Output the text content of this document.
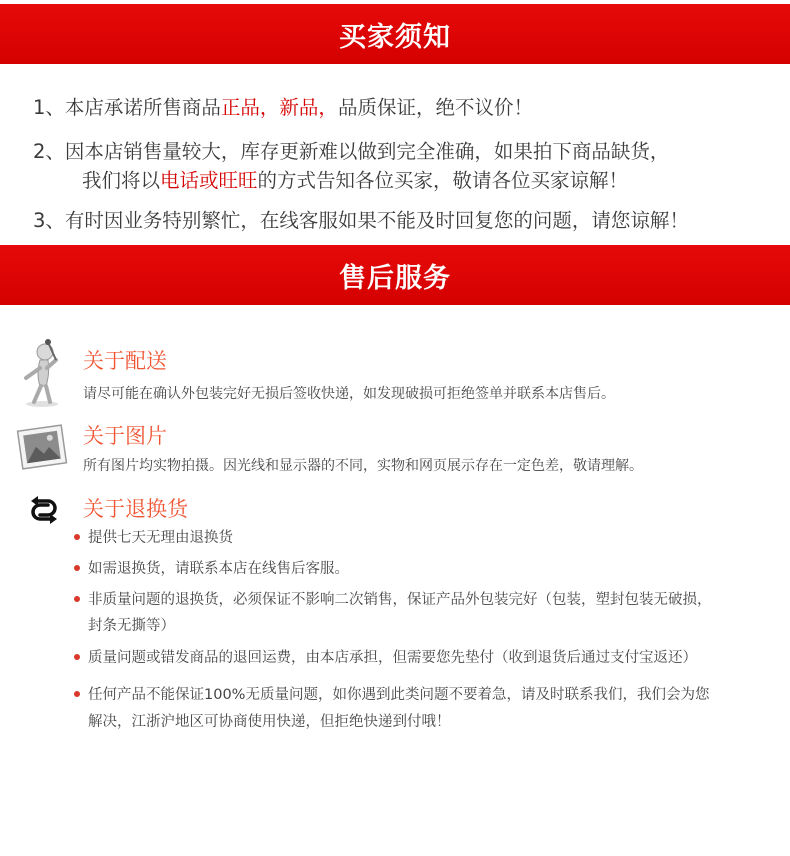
买家须知
1、本店承诺所售商品正品，新品，品质保证，绝不议价！
2、因本店销售量较大，库存更新难以做到完全准确，如果拍下商品缺货，
我们将以电话或旺旺的方式告知各位买家，敬请各位买家谅解！
3、有时因业务特别繁忙，在线客服如果不能及时回复您的问题，请您谅解！
售后服务
关于配送
请尽可能在确认外包装完好无损后签收快递，如发现破损可拒绝签单并联系本店售后。
关于图片
所有图片均实物拍摄。因光线和显示器的不同，实物和网页展示存在一定色差，敬请理解。
关于退换货
提供七天无理由退换货
如需退换货，请联系本店在线售后客服。
非质量问题的退换货，必须保证不影响二次销售，保证产品外包装完好（包装，塑封包装无破损，
封条无撕等）
质量问题或错发商品的退回运费，由本店承担，但需要您先垫付（收到退货后通过支付宝返还）
任何产品不能保证100%无质量问题，如你遇到此类问题不要着急，请及时联系我们，我们会为您
解决，江浙沪地区可协商使用快递，但拒绝快递到付哦！
